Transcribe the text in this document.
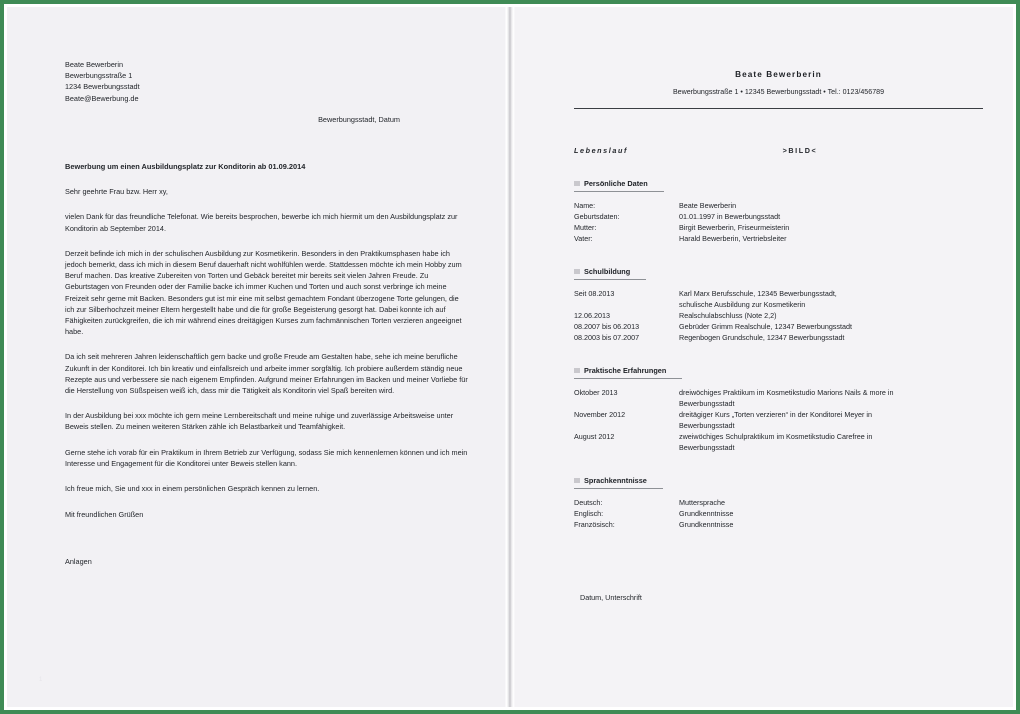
Beate Bewerberin
Bewerbungsstraße 1
1234 Bewerbungsstadt
Beate@Bewerbung.de
Bewerbungsstadt, Datum
Bewerbung um einen Ausbildungsplatz zur Konditorin ab 01.09.2014
Sehr geehrte Frau bzw. Herr xy,
vielen Dank für das freundliche Telefonat. Wie bereits besprochen, bewerbe ich mich hiermit um den Ausbildungsplatz zur Konditorin ab September 2014.
Derzeit befinde ich mich in der schulischen Ausbildung zur Kosmetikerin. Besonders in den Praktikumsphasen habe ich jedoch bemerkt, dass ich mich in diesem Beruf dauerhaft nicht wohlfühlen werde. Stattdessen möchte ich mein Hobby zum Beruf machen. Das kreative Zubereiten von Torten und Gebäck bereitet mir bereits seit vielen Jahren Freude. Zu Geburtstagen von Freunden oder der Familie backe ich immer Kuchen und Torten und auch sonst verbringe ich meine Freizeit sehr gerne mit Backen. Besonders gut ist mir eine mit selbst gemachtem Fondant überzogene Torte gelungen, die ich zur Silberhochzeit meiner Eltern hergestellt habe und die für große Begeisterung gesorgt hat. Dabei konnte ich auf Fähigkeiten zurückgreifen, die ich mir während eines dreitägigen Kurses zum fachmännischen Torten verzieren angeeignet habe.
Da ich seit mehreren Jahren leidenschaftlich gern backe und große Freude am Gestalten habe, sehe ich meine berufliche Zukunft in der Konditorei. Ich bin kreativ und einfallsreich und arbeite immer sorgfältig. Ich probiere außerdem ständig neue Rezepte aus und verbessere sie nach eigenem Empfinden. Aufgrund meiner Erfahrungen im Backen und meiner Vorliebe für die Herstellung von Süßspeisen weiß ich, dass mir die Tätigkeit als Konditorin viel Spaß bereiten wird.
In der Ausbildung bei xxx möchte ich gern meine Lernbereitschaft und meine ruhige und zuverlässige Arbeitsweise unter Beweis stellen. Zu meinen weiteren Stärken zähle ich Belastbarkeit und Teamfähigkeit.
Gerne stehe ich vorab für ein Praktikum in Ihrem Betrieb zur Verfügung, sodass Sie mich kennenlernen können und ich mein Interesse und Engagement für die Konditorei unter Beweis stellen kann.
Ich freue mich, Sie und xxx in einem persönlichen Gespräch kennen zu lernen.
Mit freundlichen Grüßen
Anlagen
1
Beate Bewerberin
Bewerbungsstraße 1 • 12345 Bewerbungsstadt • Tel.: 0123/456789
Lebenslauf	>BILD<
Persönliche Daten
Name:	Beate Bewerberin
Geburtsdaten:	01.01.1997 in Bewerbungsstadt
Mutter:	Birgit Bewerberin, Friseurmeisterin
Vater:	Harald Bewerberin, Vertriebsleiter
Schulbildung
Seit 08.2013	Karl Marx Berufsschule, 12345 Bewerbungsstadt,
schulische Ausbildung zur Kosmetikerin
12.06.2013	Realschulabschluss (Note 2,2)
08.2007 bis 06.2013	Gebrüder Grimm Realschule, 12347 Bewerbungsstadt
08.2003 bis 07.2007	Regenbogen Grundschule, 12347 Bewerbungsstadt
Praktische Erfahrungen
Oktober 2013	dreiwöchiges Praktikum im Kosmetikstudio Marions Nails & more in
Bewerbungsstadt
November 2012	dreitägiger Kurs „Torten verzieren“ in der Konditorei Meyer in
Bewerbungsstadt
August 2012	zweiwöchiges Schulpraktikum im Kosmetikstudio Carefree in
Bewerbungsstadt
Sprachkenntnisse
Deutsch:	Muttersprache
Englisch:	Grundkenntnisse
Französisch:	Grundkenntnisse
Datum, Unterschrift
